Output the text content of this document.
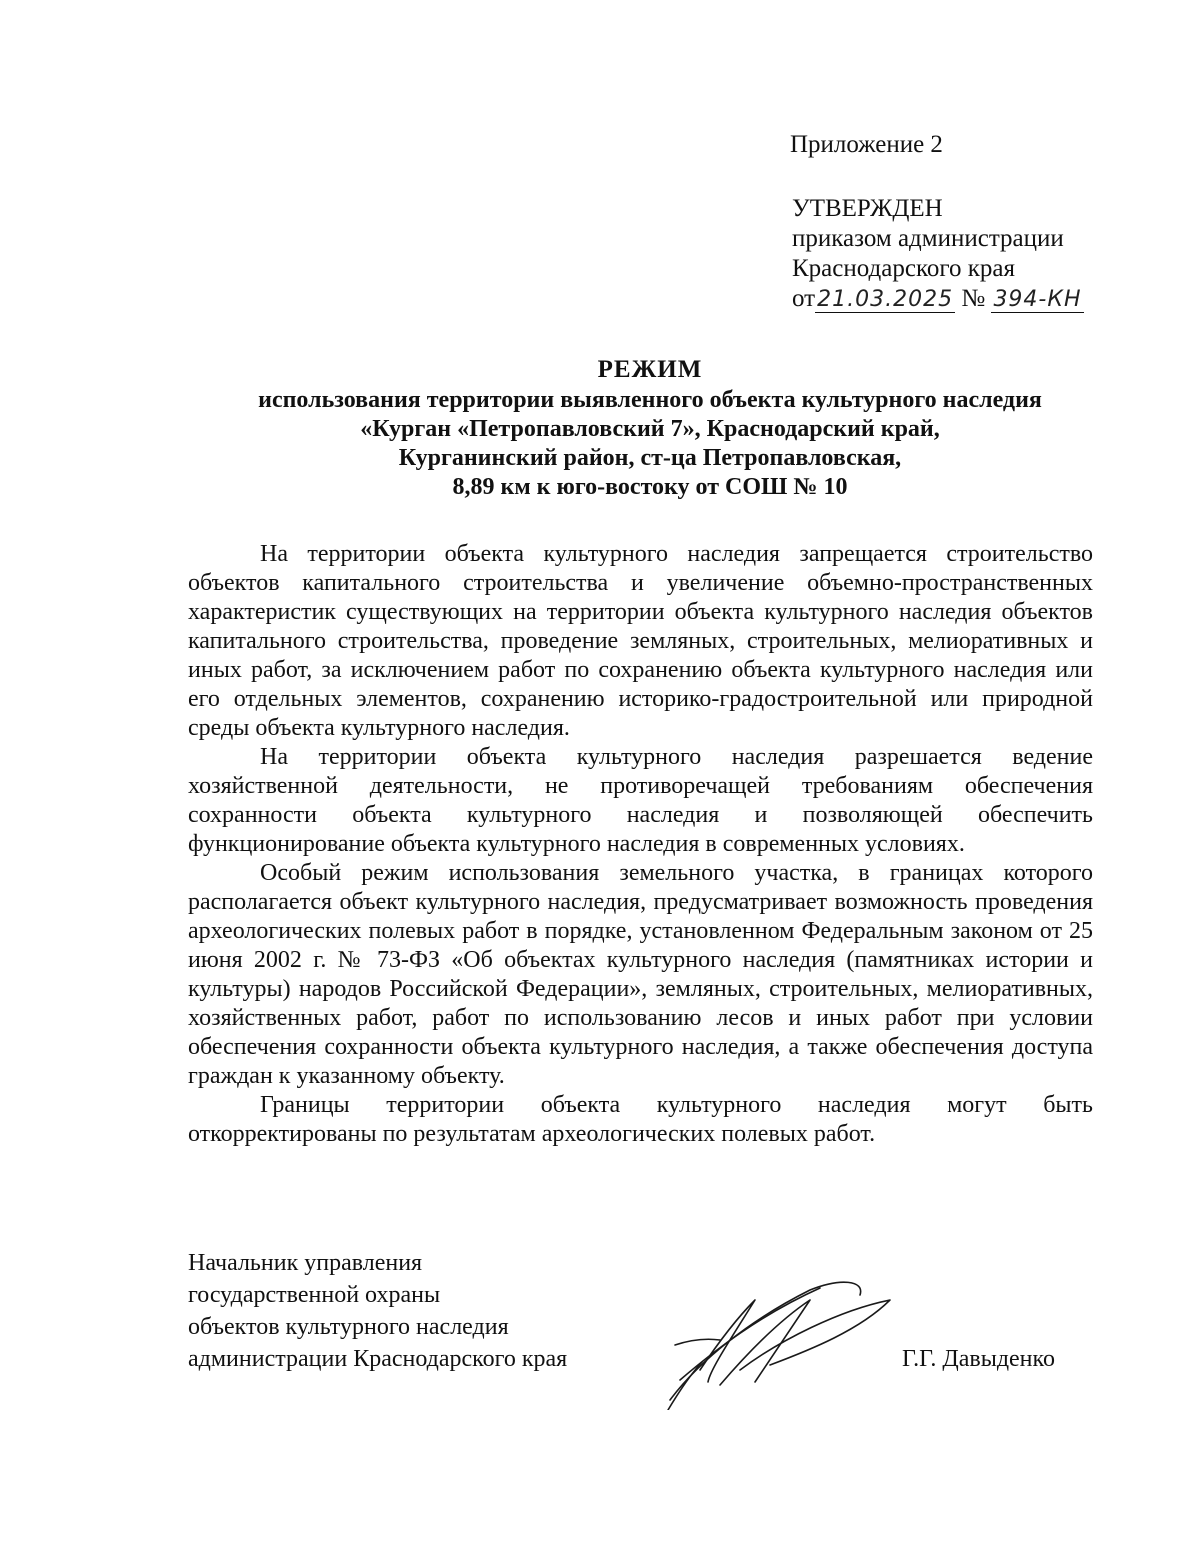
Приложение 2
УТВЕРЖДЕН
приказом администрации
Краснодарского края
от21.03.2025 № 394-КН
РЕЖИМ
использования территории выявленного объекта культурного наследия
«Курган «Петропавловский 7», Краснодарский край,
Курганинский район, ст-ца Петропавловская,
8,89 км к юго-востоку от СОШ № 10

На территории объекта культурного наследия запрещается строительство объектов капитального строительства и увеличение объемно-пространственных характеристик существующих на территории объекта культурного наследия объектов капитального строительства, проведение земляных, строительных, мелиоративных и иных работ, за исключением работ по сохранению объекта культурного наследия или его отдельных элементов, сохранению историко-градостроительной или природной среды объекта культурного наследия.

На территории объекта культурного наследия разрешается ведение хозяйственной деятельности, не противоречащей требованиям обеспечения сохранности объекта культурного наследия и позволяющей обеспечить функционирование объекта культурного наследия в современных условиях.

Особый режим использования земельного участка, в границах которого располагается объект культурного наследия, предусматривает возможность проведения археологических полевых работ в порядке, установленном Федеральным законом от 25 июня 2002 г. № 73-ФЗ «Об объектах культурного наследия (памятниках истории и культуры) народов Российской Федерации», земляных, строительных, мелиоративных, хозяйственных работ, работ по использованию лесов и иных работ при условии обеспечения сохранности объекта культурного наследия, а также обеспечения доступа граждан к указанному объекту.

Границы территории объекта культурного наследия могут быть откорректированы по результатам археологических полевых работ.

Начальник управления
государственной охраны
объектов культурного наследия
администрации Краснодарского края	Г.Г. Давыденко
